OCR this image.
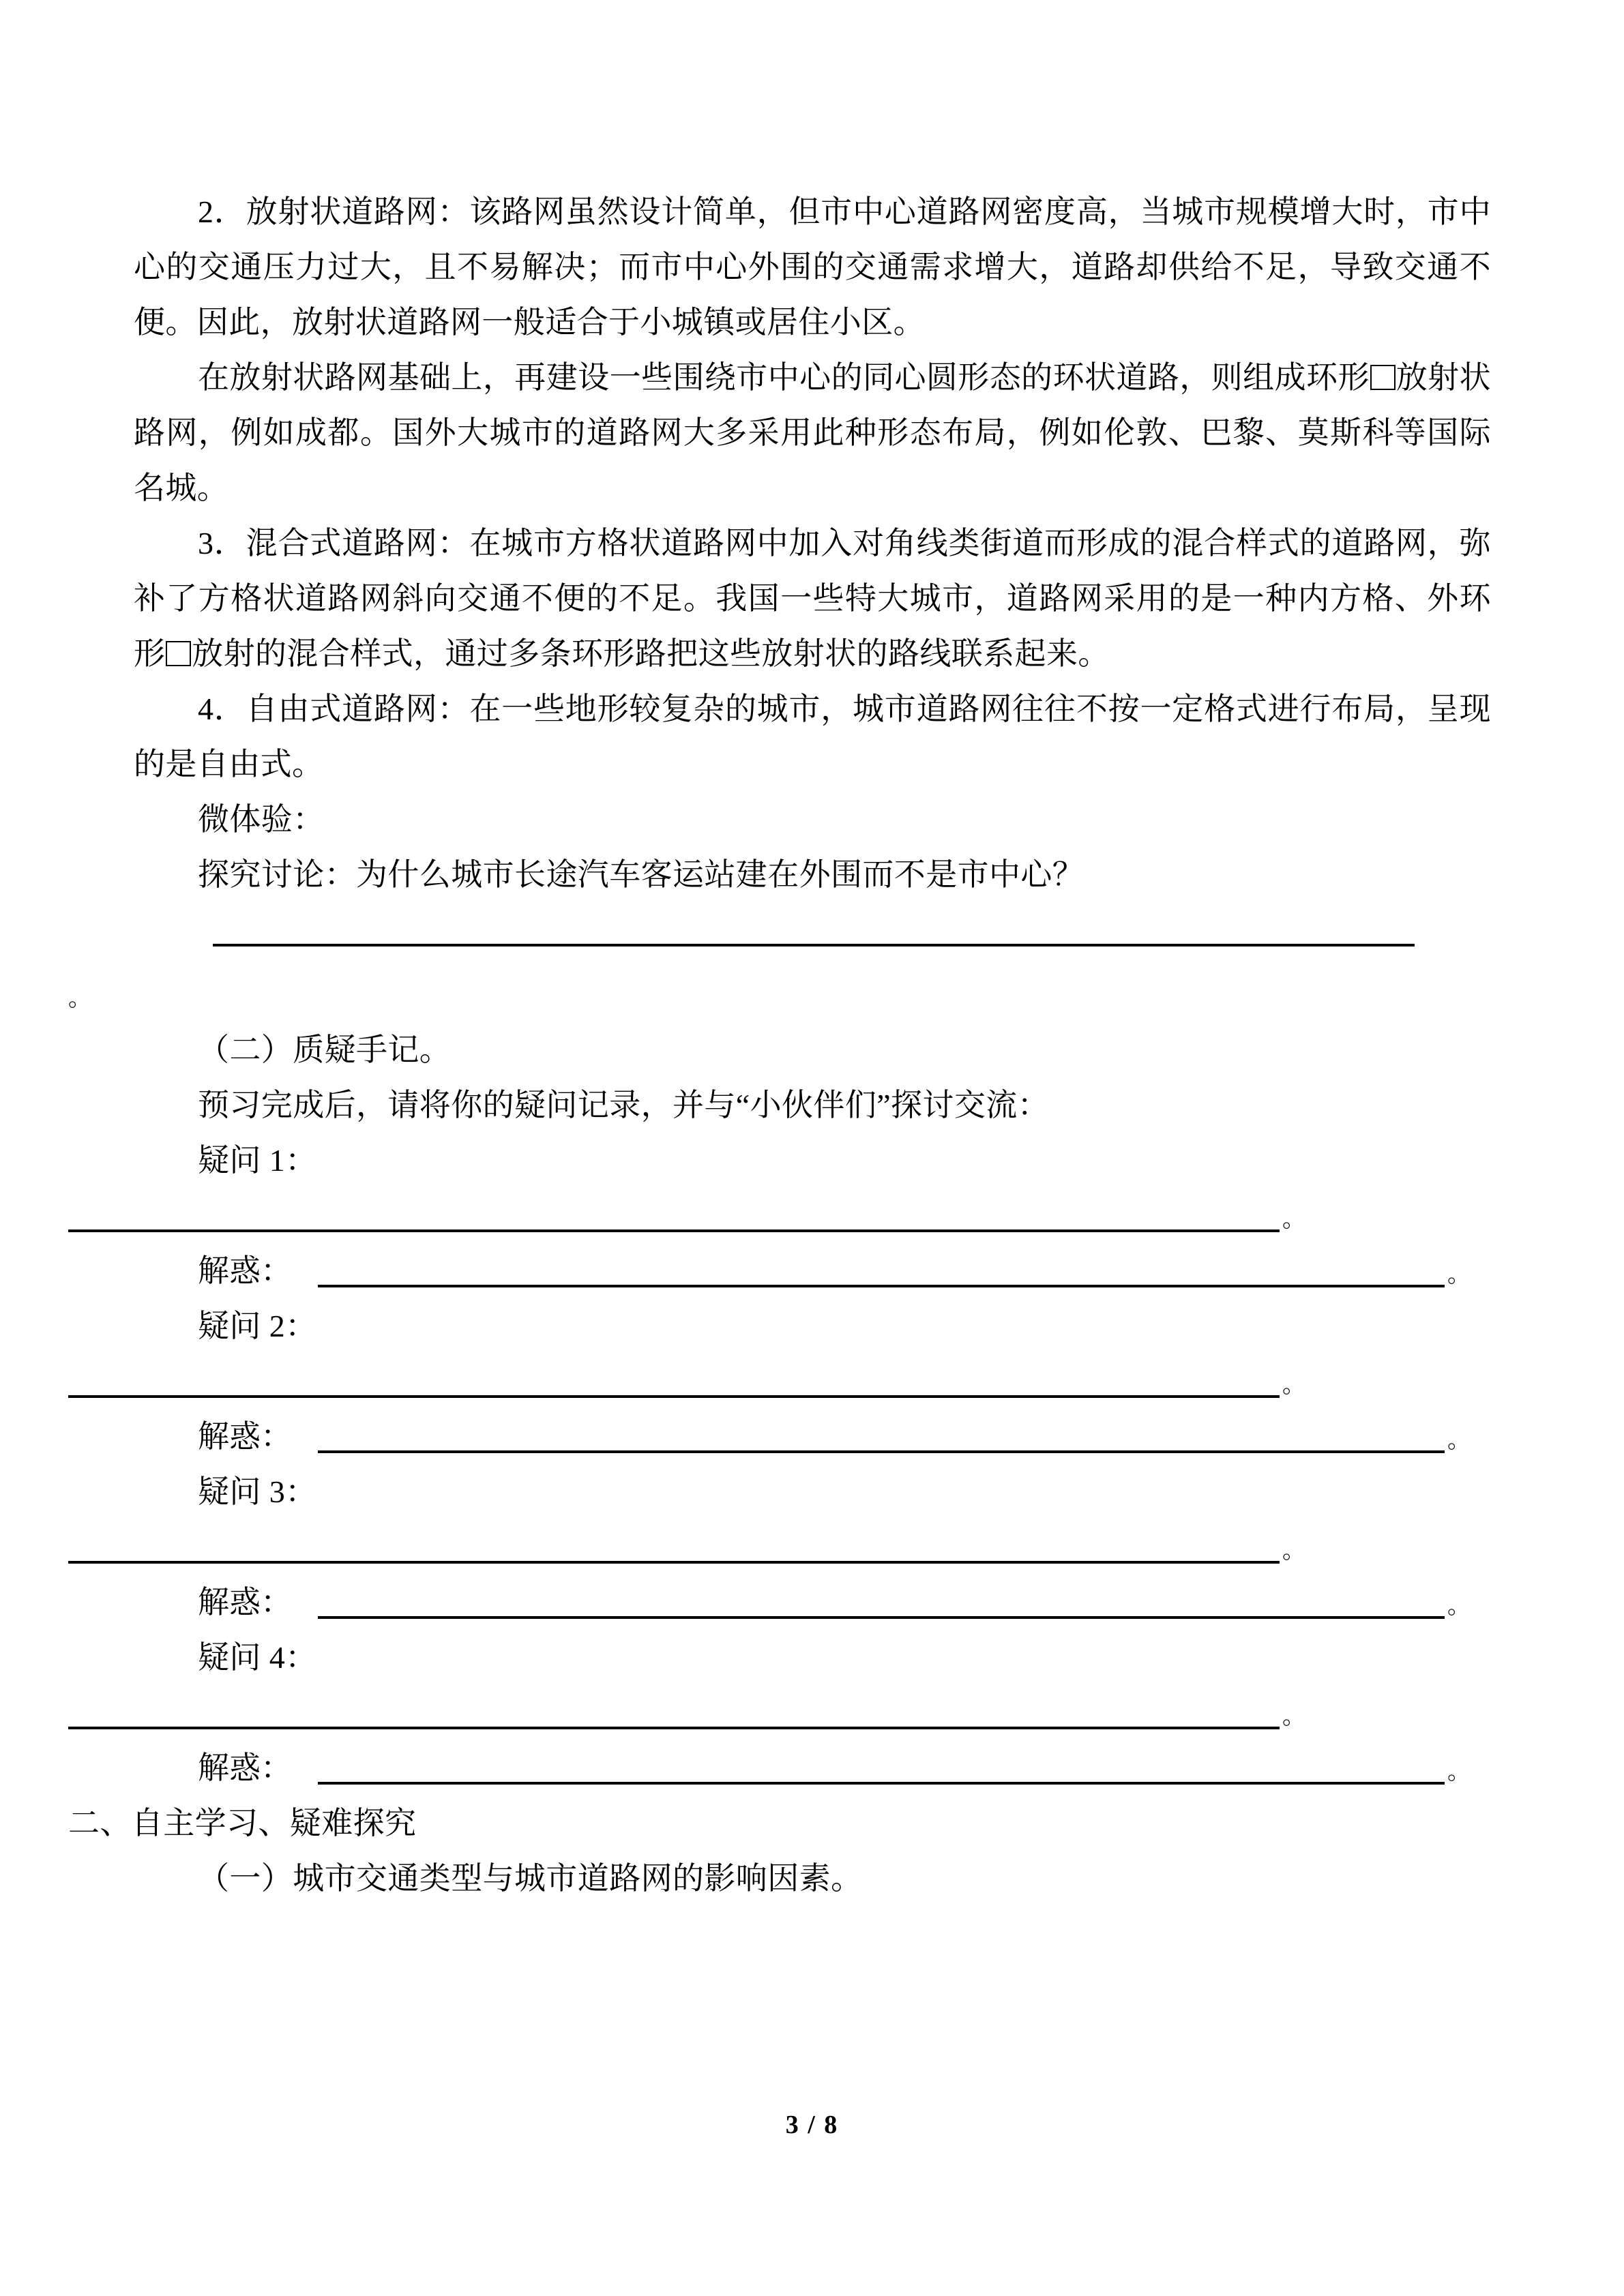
2．放射状道路网：该路网虽然设计简单，但市中心道路网密度高，当城市规模增大时，市中心的交通压力过大，且不易解决；而市中心外围的交通需求增大，道路却供给不足，导致交通不便。因此，放射状道路网一般适合于小城镇或居住小区。

在放射状路网基础上，再建设一些围绕市中心的同心圆形态的环状道路，则组成环形 放射状路网，例如成都。国外大城市的道路网大多采用此种形态布局，例如伦敦、巴黎、莫斯科等国际名城。

3．混合式道路网：在城市方格状道路网中加入对角线类街道而形成的混合样式的道路网，弥补了方格状道路网斜向交通不便的不足。我国一些特大城市，道路网采用的是一种内方格、外环形 放射的混合样式，通过多条环形路把这些放射状的路线联系起来。

4．自由式道路网：在一些地形较复杂的城市，城市道路网往往不按一定格式进行布局，呈现的是自由式。

微体验：

探究讨论：为什么城市长途汽车客运站建在外围而不是市中心？

。

（二）质疑手记。

预习完成后，请将你的疑问记录，并与“小伙伴们”探讨交流：

疑问 1：

。
解惑：	。

疑问 2：

。
解惑：	。

疑问 3：

。
解惑：	。

疑问 4：

。
解惑：	。

二、自主学习、疑难探究

（一）城市交通类型与城市道路网的影响因素。

3 / 8
